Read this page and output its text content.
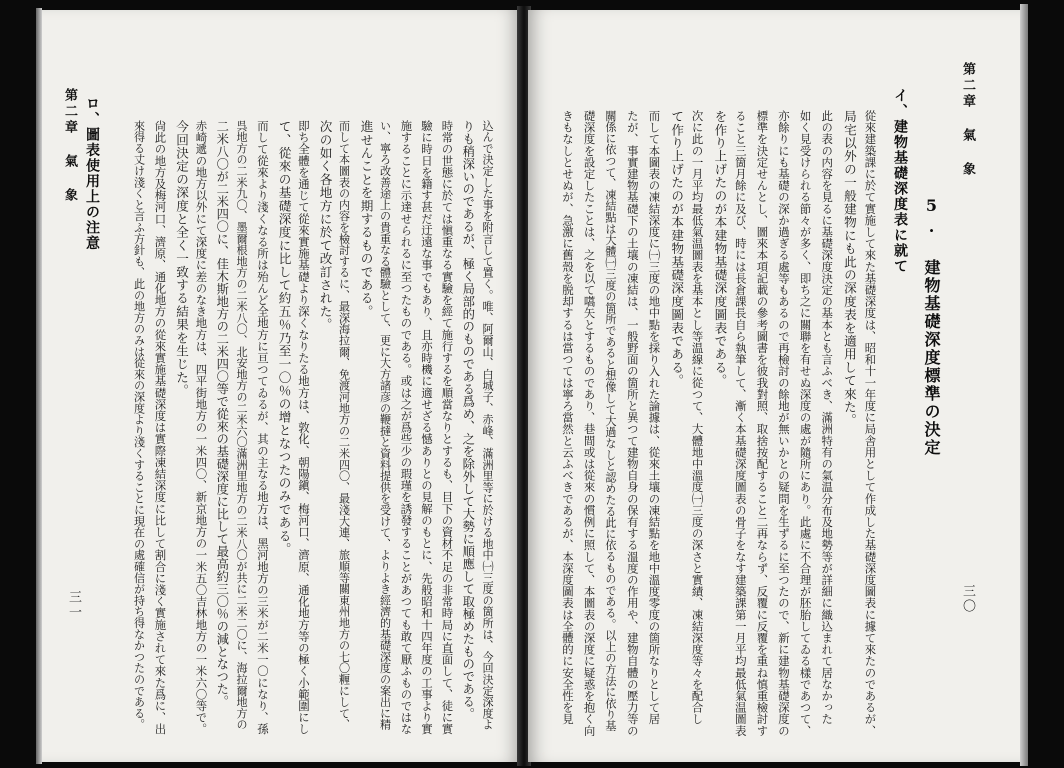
込んで決定した事を附言して置く。唯、阿爾山、白城子、赤峰、滿洲里等に於ける地中㈠三度の箇所は、今回決定深度よ
りも稍深いのであるが、極く局部的のものである爲め、之を除外して大勢に順應して取極めたものである。
時常の世態に於ては愼重なる實驗を經て施行するを順當なりとするも、目下の資材不足の非常時局に直面して、徒に實
驗に時日を籍す甚だ迂遠な事でもあり、且亦時機に適せざる憾ありとの見解のもとに、先般昭和十四年度の工事より實
施することに示達せられるに至つたものである。或は之が爲些少の瑕瑾を誘發することがあつても敢て厭ふものではな
い、寧ろ改善途上の貴重なる體驗として、更に大方諸彦の鞭撻と資料提供を受けて、よりよき經濟的基礎深度の案出に精
進せんことを期するものである。
而して本圖表の内容を檢討するに、最深海拉爾、免渡河地方の二米四〇、最淺大連、旅順等關東州地方の七〇糎にして、
次の如く各地方に於て改訂された。
即ち全體を通じて從來實施基礎より深くなりたる地方は、敦化、朝陽鎭、梅河口、濟原、通化地方等の極く小範圍にし
て、從來の基礎深度に比して約五％乃至一〇％の增となつたのみである。
而して從來より淺くなる所は殆んど全地方に亘つてゐるが、其の主なる地方は、黑河地方の三米が二米一〇になり、孫
呉地方の二米九〇、墨爾根地方の二米八〇、北安地方の二米六〇滿洲里地方の二米八〇が共に二米二〇に、海拉爾地方の
二米八〇が二米四〇に、佳木斯地方の二米四〇等で從來の基礎深度に比して最高約三〇％の減となつた。
赤崎遞の地方以外にて深度に差のなき地方は、四平街地方の一米四〇、新京地方の一米五〇吉林地方の一米六〇等で。
今回決定の深度と全く一致する結果を生じた。
尙此の地方及梅河口、濟原、通化地方の從來實施基礎深度は實際凍結深度に比して割合に淺く實施されて來た爲に、出
來得る丈け淺くと言ふ方針も、此の地方のみは從來の深度より淺くすることに現在の處確信が持ち得なかつたのである。
第二章 氣 象 ロ、圖表使用上の注意
三一
第二章 氣 象
三〇
5. 建物基礎深度標準の決定
イ、建物基礎深度表に就て
從來建築課に於て實施して來た基礎深度は、昭和十一年度に局舎用として作成した基礎深度圖表に據て來たのであるが、
局宅以外の一般建物にも此の深度表を適用して來た。
此の表の内容を見るに基礎深度決定の基本とも言ふべき、滿洲特有の氣温分布及地勢等が詳細に織込まれて居なかった
如く見受けられる節々が多く、即ち之に關聯を有せぬ深度の處が隨所にあり。此處に不合理が胚胎してゐる樣であつて、
亦餘りにも基礎の深か過ぎる處等もあるので再檢討の餘地が無いかとの疑問を生ずるに至つたので、新に建物基礎深度の
標準を決定せんとし、圖來本項記載の參考圖書を彼我對照、取捨按配すること二再ならず、反覆に反覆を重ね慎重檢討す
ること三箇月餘に及び、時には長倉課長自ら執筆して、漸く本基礎深度圖表の骨子をなす建築課第一月平均最低氣温圖表
を作り上げたのが本建物基礎深度圖表である。
次に此の一月平均最低氣温圖表を基本とし等温線に從つて、大體地中溫度㈠三度の深さと實績、凍結深度等々を配合し
て作り上げたのが本建物基礎深度圖表である。
而して本圖表の凍結深度に㈠三度の地中點を採り入れた論據は、從來土壤の凍結點を地中溫度零度の箇所なりとして居
たが、事實建物基礎下の土壤の凍結は、一般野面の箇所と異つて建物自身の保有する溫度の作用や、建物自體の壓力等の
關係に依つて、凍結點は大體㈠三度の箇所であると想像して大過なしと認めたる此に依るものである。以上の方法に依り基
礎深度を設定したことは、之を以て嚆矢とするものであり、巷間或は從來の慣例に照して、本圖表の深度に疑惑を抱く向
きもなしとせぬが、急激に舊殼を脱却するは當つては寧ろ當然と云ふべきであるが、本深度圖表は全體的に安全性を見
